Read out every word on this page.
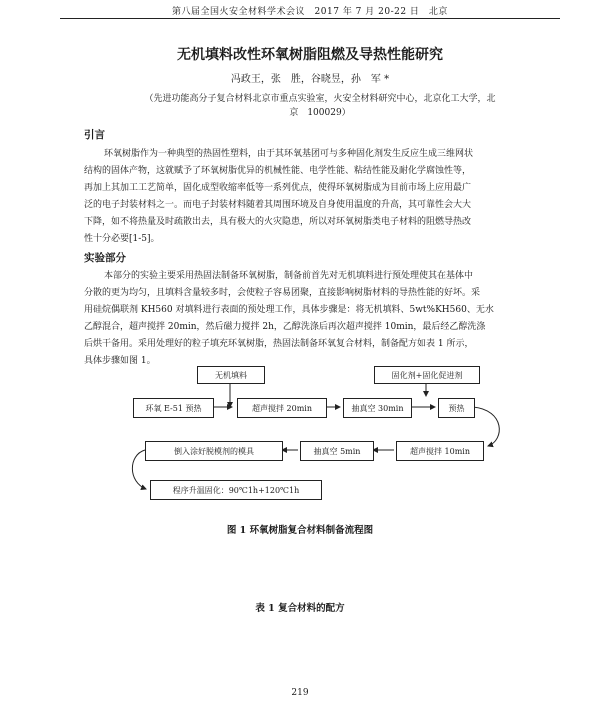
第八届全国火安全材料学术会议　2017 年 7 月 20-22 日　北京
无机填料改性环氧树脂阻燃及导热性能研究
冯政王，张　胜，谷晓昱，孙　军 *
（先进功能高分子复合材料北京市重点实验室，火安全材料研究中心，北京化工大学，北
京　100029）
引言
环氧树脂作为一种典型的热固性塑料，由于其环氧基团可与多种固化剂发生反应生成三维网状
结构的固体产物，这就赋予了环氧树脂优异的机械性能、电学性能、粘结性能及耐化学腐蚀性等，
再加上其加工工艺简单，固化成型收缩率低等一系列优点，使得环氧树脂成为目前市场上应用最广
泛的电子封装材料之一。而电子封装材料随着其周围环境及自身使用温度的升高，其可靠性会大大
下降，如不将热量及时疏散出去，具有极大的火灾隐患，所以对环氧树脂类电子材料的阻燃导热改
性十分必要[1-5]。
实验部分
本部分的实验主要采用热固法制备环氧树脂，制备前首先对无机填料进行预处理使其在基体中
分散的更为均匀，且填料含量较多时，会使粒子容易团聚，直接影响树脂材料的导热性能的好坏。采
用硅烷偶联剂 KH560 对填料进行表面的预处理工作，具体步骤是：将无机填料、5wt%KH560、无水
乙醇混合，超声搅拌 20min，然后磁力搅拌 2h，乙醇洗涤后再次超声搅拌 10min，最后经乙醇洗涤
后烘干备用。采用处理好的粒子填充环氧树脂，热固法制备环氧复合材料，制备配方如表 1 所示，
具体步骤如图 1。
无机填料	固化剂+固化促进剂
环氧 E-51 预热	超声搅拌 20min	抽真空 30min	预热
超声搅拌 10min
抽真空 5min
倒入涂好脱模剂的模具
程序升温固化：90℃1h+120℃1h
图 1 环氧树脂复合材料制备流程图
表 1 复合材料的配方
219
